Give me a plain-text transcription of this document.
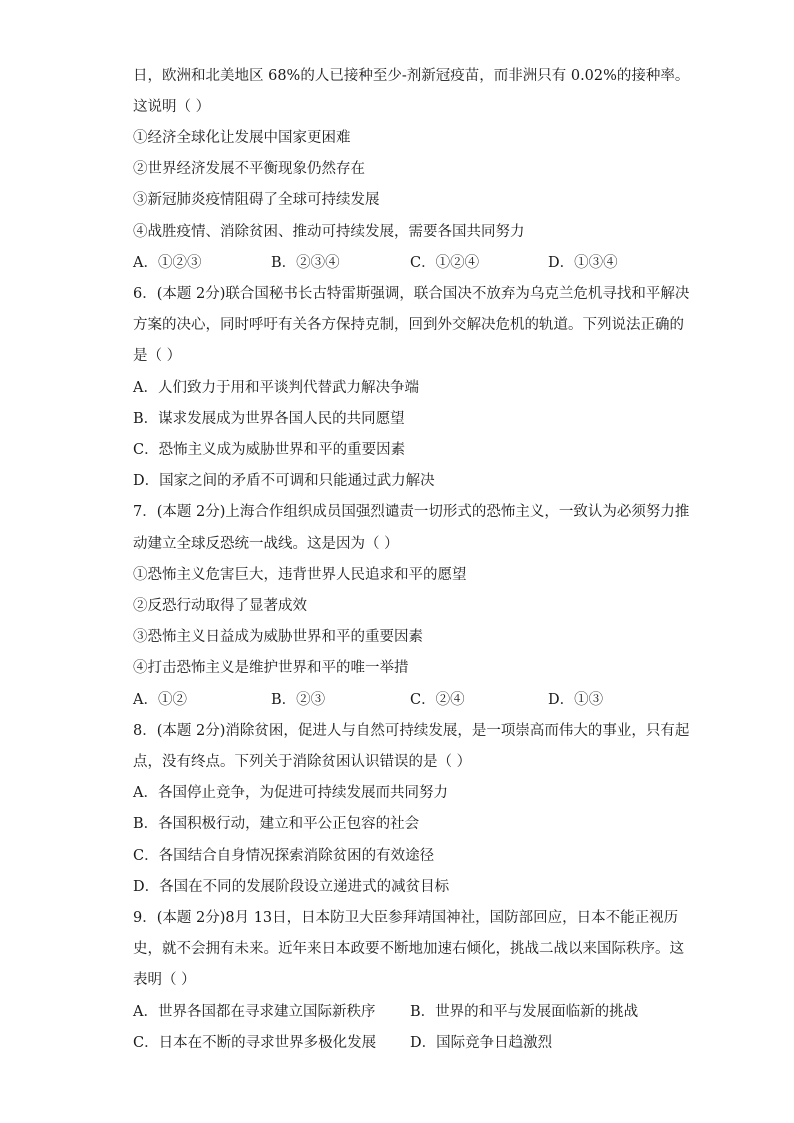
日，欧洲和北美地区 68%的人已接种至少-剂新冠疫苗，而非洲只有 0.02%的接种率。
这说明（ ）
①经济全球化让发展中国家更困难
②世界经济发展不平衡现象仍然存在
③新冠肺炎疫情阻碍了全球可持续发展
④战胜疫情、消除贫困、推动可持续发展，需要各国共同努力
A．①②③	B．②③④	C．①②④	D．①③④
6．(本题 2分)联合国秘书长古特雷斯强调，联合国决不放弃为乌克兰危机寻找和平解决
方案的决心，同时呼吁有关各方保持克制，回到外交解决危机的轨道。下列说法正确的
是（ ）
A．人们致力于用和平谈判代替武力解决争端
B．谋求发展成为世界各国人民的共同愿望
C．恐怖主义成为威胁世界和平的重要因素
D．国家之间的矛盾不可调和只能通过武力解决
7．(本题 2分)上海合作组织成员国强烈谴责一切形式的恐怖主义，一致认为必须努力推
动建立全球反恐统一战线。这是因为（ ）
①恐怖主义危害巨大，违背世界人民追求和平的愿望
②反恐行动取得了显著成效
③恐怖主义日益成为威胁世界和平的重要因素
④打击恐怖主义是维护世界和平的唯一举措
A．①②	B．②③	C．②④	D．①③
8．(本题 2分)消除贫困，促进人与自然可持续发展，是一项崇高而伟大的事业，只有起
点，没有终点。下列关于消除贫困认识错误的是（ ）
A．各国停止竞争，为促进可持续发展而共同努力
B．各国积极行动，建立和平公正包容的社会
C．各国结合自身情况探索消除贫困的有效途径
D．各国在不同的发展阶段设立递进式的减贫目标
9．(本题 2分)8月 13日，日本防卫大臣参拜靖国神社，国防部回应，日本不能正视历
史，就不会拥有未来。近年来日本政要不断地加速右倾化，挑战二战以来国际秩序。这
表明（ ）
A．世界各国都在寻求建立国际新秩序 B．世界的和平与发展面临新的挑战
C．日本在不断的寻求世界多极化发展 D．国际竞争日趋激烈
